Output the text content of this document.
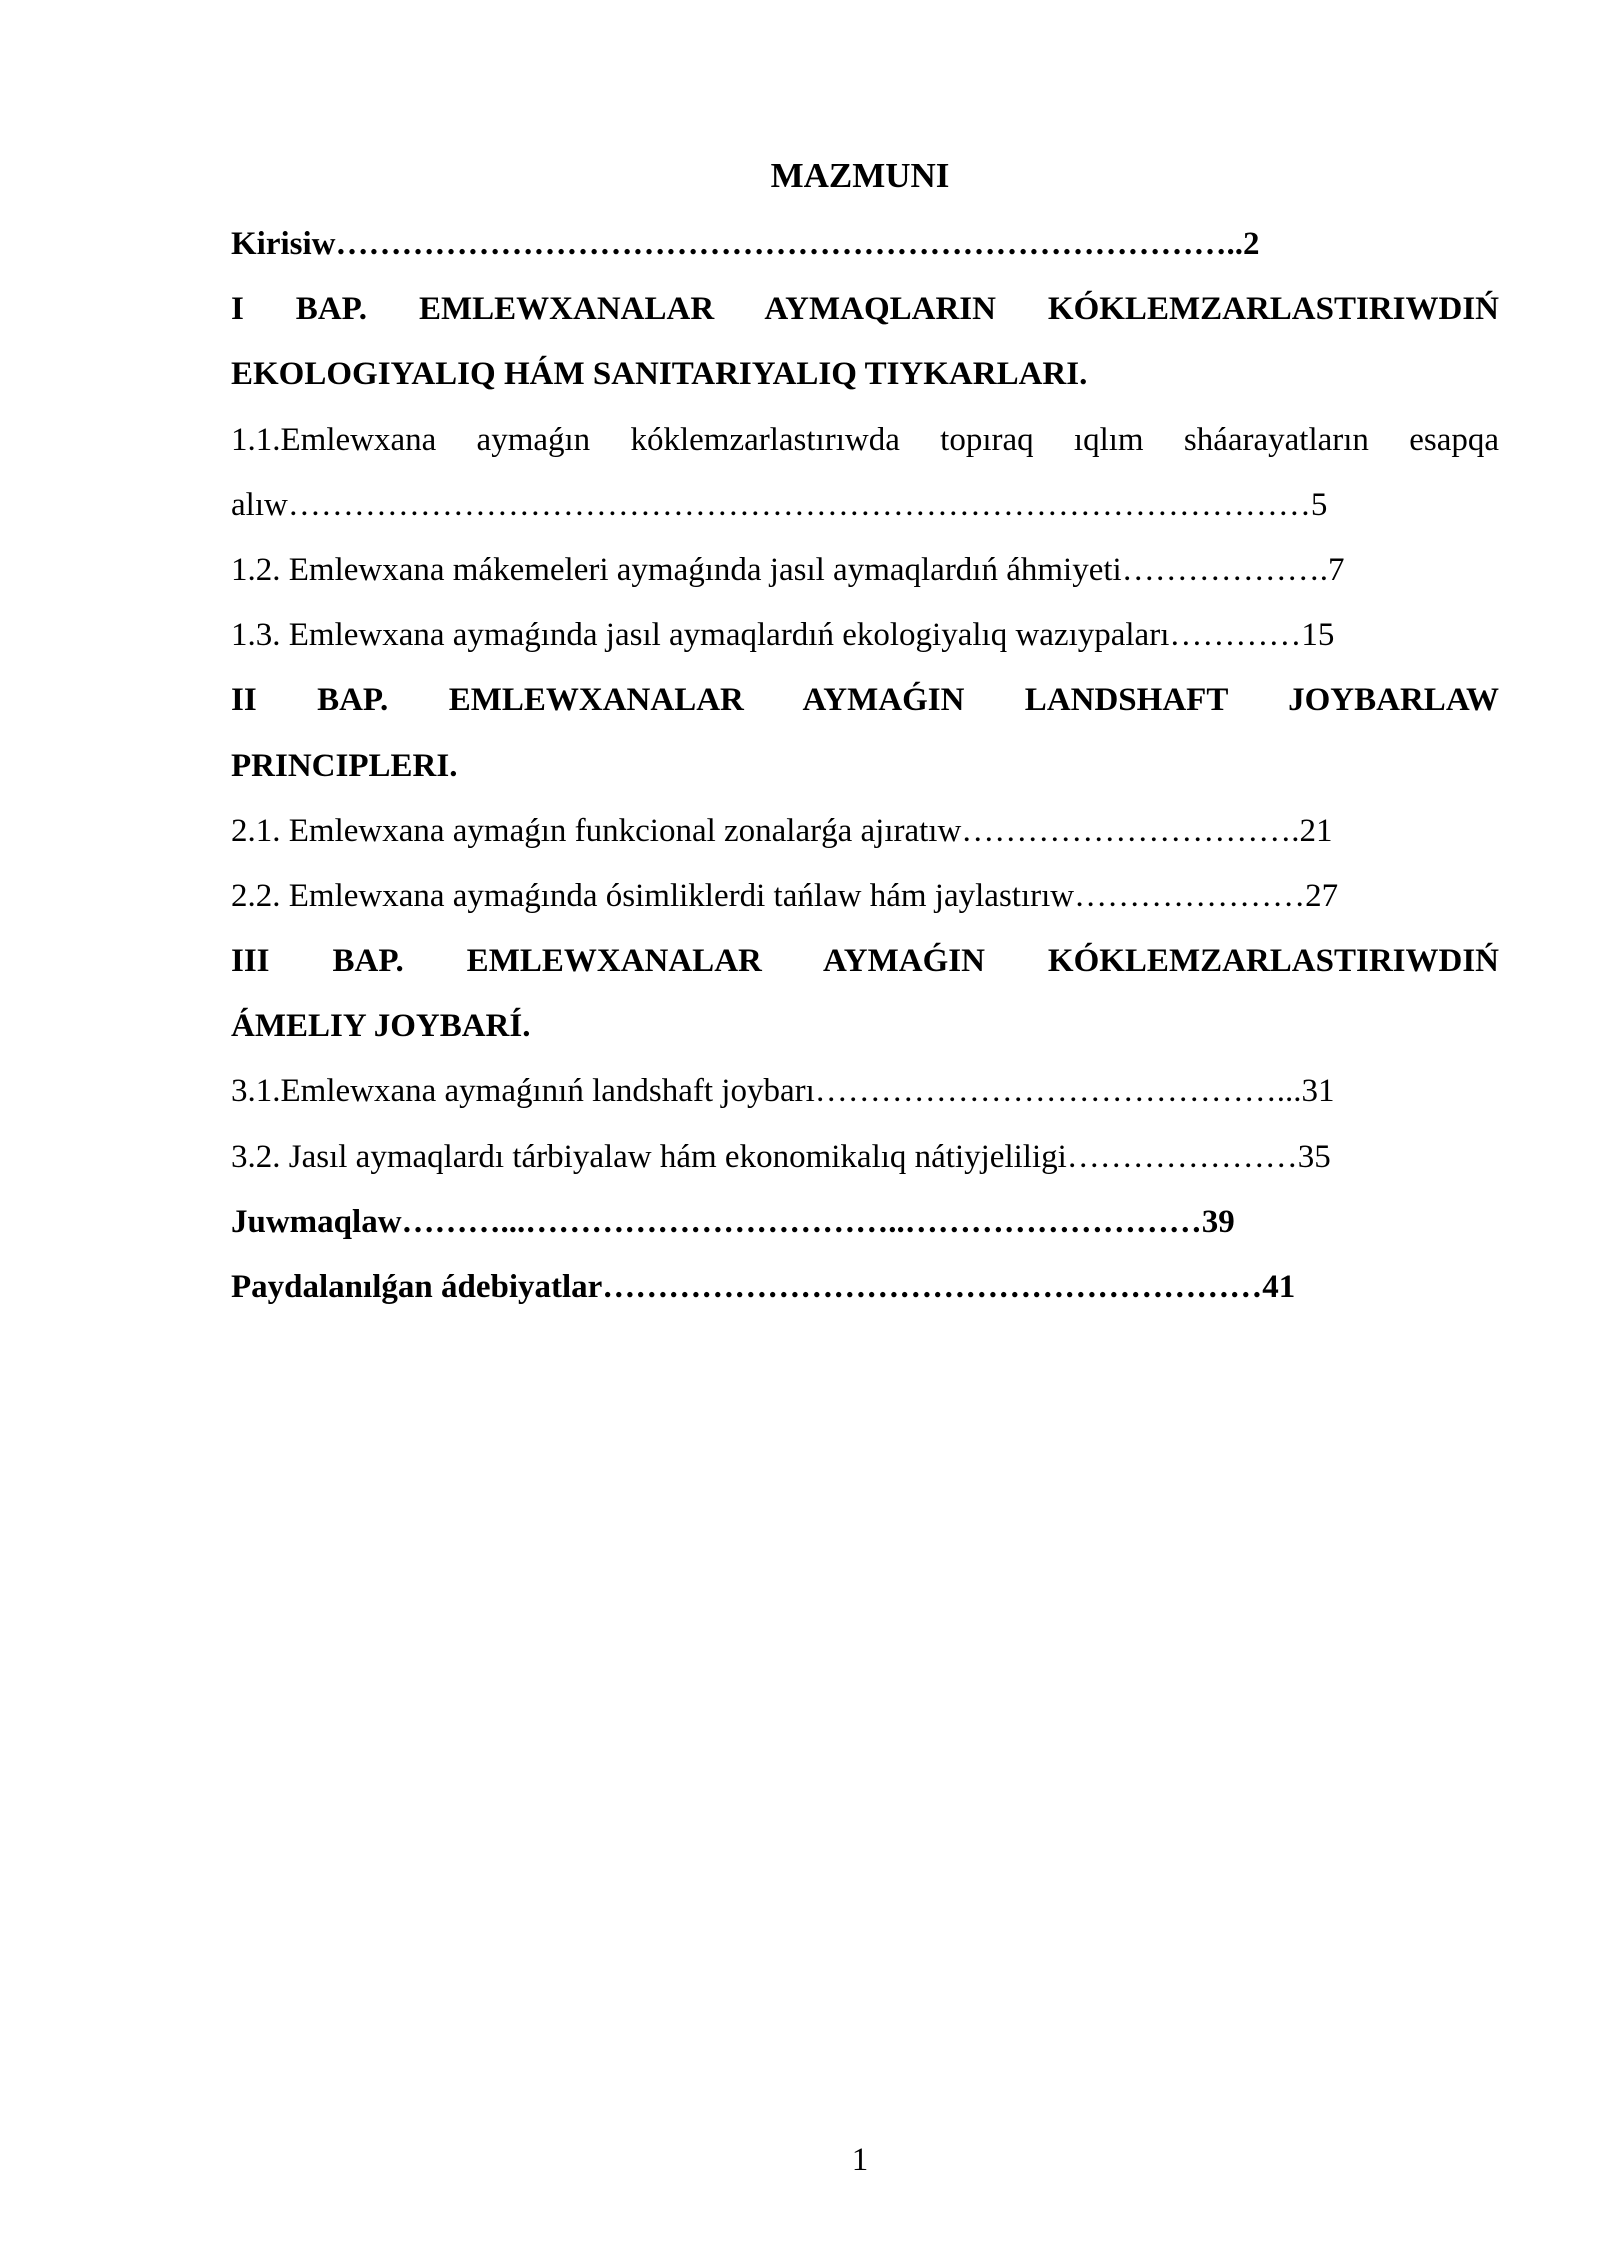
MAZMUNI
Kirisiw………………………………………………………………………..2
I BAP. EMLEWXANALAR AYMAQLARIN KÓKLEMZARLASTIRIWDIŃ
EKOLOGIYALIQ HÁM SANITARIYALIQ TIYKARLARI.
1.1.Emlewxana aymaǵın kóklemzarlastırıwda topıraq ıqlım sháarayatların esapqa
alıw…………………………………………………………………………………5
1.2. Emlewxana mákemeleri aymaǵında jasıl aymaqlardıń áhmiyeti……………….7
1.3. Emlewxana aymaǵında jasıl aymaqlardıń ekologiyalıq wazıypaları…………15
II BAP. EMLEWXANALAR AYMAǴIN LANDSHAFT JOYBARLAW
PRINCIPLERI.
2.1. Emlewxana aymaǵın funkcional zonalarǵa ajıratıw………………………….21
2.2. Emlewxana aymaǵında ósimliklerdi tańlaw hám jaylastırıw…………………27
III BAP. EMLEWXANALAR AYMAǴIN KÓKLEMZARLASTIRIWDIŃ
ÁMELIY JOYBARÍ.
3.1.Emlewxana aymaǵınıń landshaft joybarı……………………………………...31
3.2. Jasıl aymaqlardı tárbiyalaw hám ekonomikalıq nátiyjeliligi…………………35
Juwmaqlaw………...……………………………..………………………39
Paydalanılǵan ádebiyatlar……………………………………………………41
1
